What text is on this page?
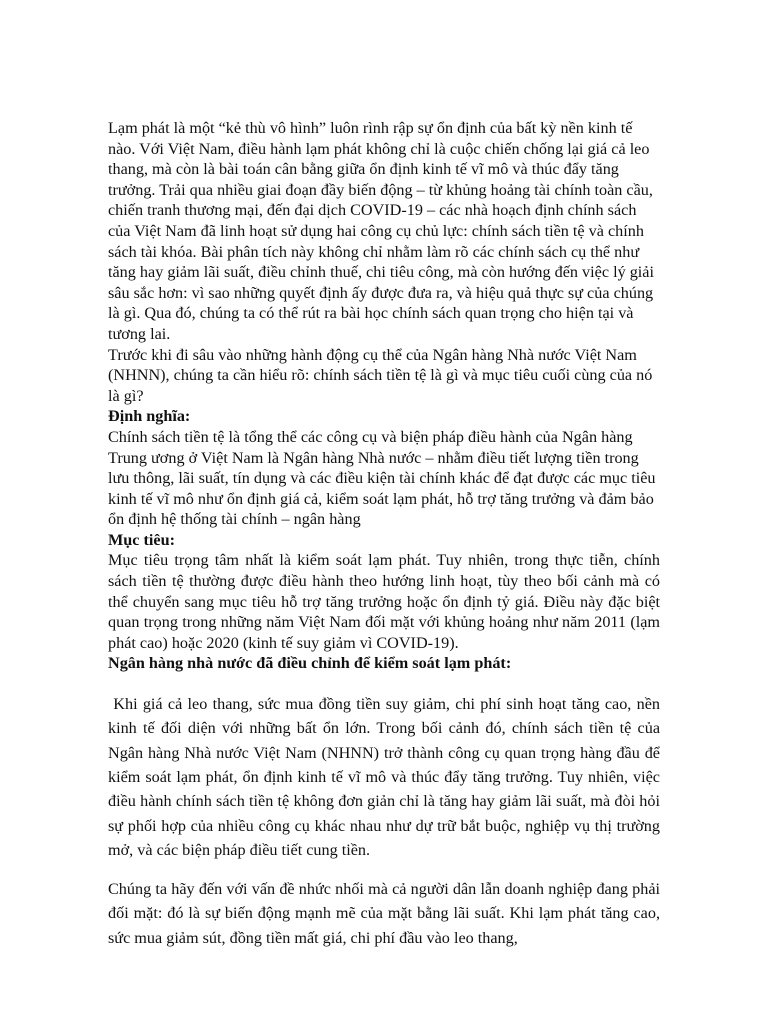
Lạm phát là một “kẻ thù vô hình” luôn rình rập sự ổn định của bất kỳ nền kinh tế nào. Với Việt Nam, điều hành lạm phát không chỉ là cuộc chiến chống lại giá cả leo thang, mà còn là bài toán cân bằng giữa ổn định kinh tế vĩ mô và thúc đẩy tăng trưởng. Trải qua nhiều giai đoạn đầy biến động – từ khủng hoảng tài chính toàn cầu, chiến tranh thương mại, đến đại dịch COVID-19 – các nhà hoạch định chính sách của Việt Nam đã linh hoạt sử dụng hai công cụ chủ lực: chính sách tiền tệ và chính sách tài khóa. Bài phân tích này không chỉ nhằm làm rõ các chính sách cụ thể như tăng hay giảm lãi suất, điều chỉnh thuế, chi tiêu công, mà còn hướng đến việc lý giải sâu sắc hơn: vì sao những quyết định ấy được đưa ra, và hiệu quả thực sự của chúng là gì. Qua đó, chúng ta có thể rút ra bài học chính sách quan trọng cho hiện tại và tương lai.

Trước khi đi sâu vào những hành động cụ thể của Ngân hàng Nhà nước Việt Nam (NHNN), chúng ta cần hiểu rõ: chính sách tiền tệ là gì và mục tiêu cuối cùng của nó là gì?

Định nghĩa:

Chính sách tiền tệ là tổng thể các công cụ và biện pháp điều hành của Ngân hàng Trung ương ở Việt Nam là Ngân hàng Nhà nước – nhằm điều tiết lượng tiền trong lưu thông, lãi suất, tín dụng và các điều kiện tài chính khác để đạt được các mục tiêu kinh tế vĩ mô như ổn định giá cả, kiểm soát lạm phát, hỗ trợ tăng trưởng và đảm bảo ổn định hệ thống tài chính – ngân hàng

Mục tiêu:

Mục tiêu trọng tâm nhất là kiểm soát lạm phát. Tuy nhiên, trong thực tiễn, chính sách tiền tệ thường được điều hành theo hướng linh hoạt, tùy theo bối cảnh mà có thể chuyển sang mục tiêu hỗ trợ tăng trưởng hoặc ổn định tỷ giá. Điều này đặc biệt quan trọng trong những năm Việt Nam đối mặt với khủng hoảng như năm 2011 (lạm phát cao) hoặc 2020 (kinh tế suy giảm vì COVID-19).

Ngân hàng nhà nước đã điều chỉnh để kiểm soát lạm phát:

Khi giá cả leo thang, sức mua đồng tiền suy giảm, chi phí sinh hoạt tăng cao, nền kinh tế đối diện với những bất ổn lớn. Trong bối cảnh đó, chính sách tiền tệ của Ngân hàng Nhà nước Việt Nam (NHNN) trở thành công cụ quan trọng hàng đầu để kiểm soát lạm phát, ổn định kinh tế vĩ mô và thúc đẩy tăng trưởng. Tuy nhiên, việc điều hành chính sách tiền tệ không đơn giản chỉ là tăng hay giảm lãi suất, mà đòi hỏi sự phối hợp của nhiều công cụ khác nhau như dự trữ bắt buộc, nghiệp vụ thị trường mở, và các biện pháp điều tiết cung tiền.

Chúng ta hãy đến với vấn đề nhức nhối mà cả người dân lẫn doanh nghiệp đang phải đối mặt: đó là sự biến động mạnh mẽ của mặt bằng lãi suất. Khi lạm phát tăng cao, sức mua giảm sút, đồng tiền mất giá, chi phí đầu vào leo thang,
